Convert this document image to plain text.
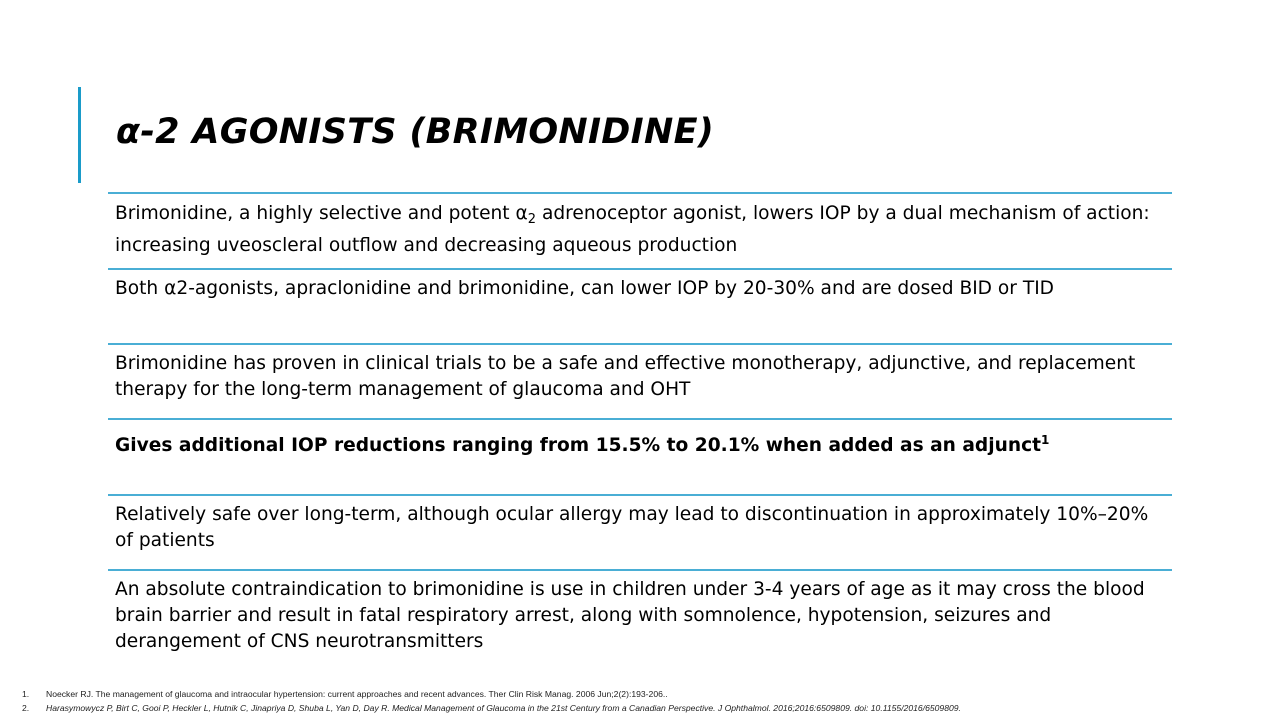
α-2 AGONISTS (BRIMONIDINE)
Brimonidine, a highly selective and potent $\alpha_2$ adrenoceptor agonist, lowers IOP by a dual mechanism of action: increasing uveoscleral outflow and decreasing aqueous production
Both α2-agonists, apraclonidine and brimonidine, can lower IOP by 20-30% and are dosed BID or TID
Brimonidine has proven in clinical trials to be a safe and effective monotherapy, adjunctive, and replacement therapy for the long-term management of glaucoma and OHT
Gives additional IOP reductions ranging from 15.5% to 20.1% when added as an adjunct$^1$
Relatively safe over long-term, although ocular allergy may lead to discontinuation in approximately 10%–20% of patients
An absolute contraindication to brimonidine is use in children under 3-4 years of age as it may cross the blood brain barrier and result in fatal respiratory arrest, along with somnolence, hypotension, seizures and derangement of CNS neurotransmitters
1.	Noecker RJ. The management of glaucoma and intraocular hypertension: current approaches and recent advances. Ther Clin Risk Manag. 2006 Jun;2(2):193-206..
2.	Harasymowycz P, Birt C, Gooi P, Heckler L, Hutnik C, Jinapriya D, Shuba L, Yan D, Day R. Medical Management of Glaucoma in the 21st Century from a Canadian Perspective. J Ophthalmol. 2016;2016:6509809. doi: 10.1155/2016/6509809.
